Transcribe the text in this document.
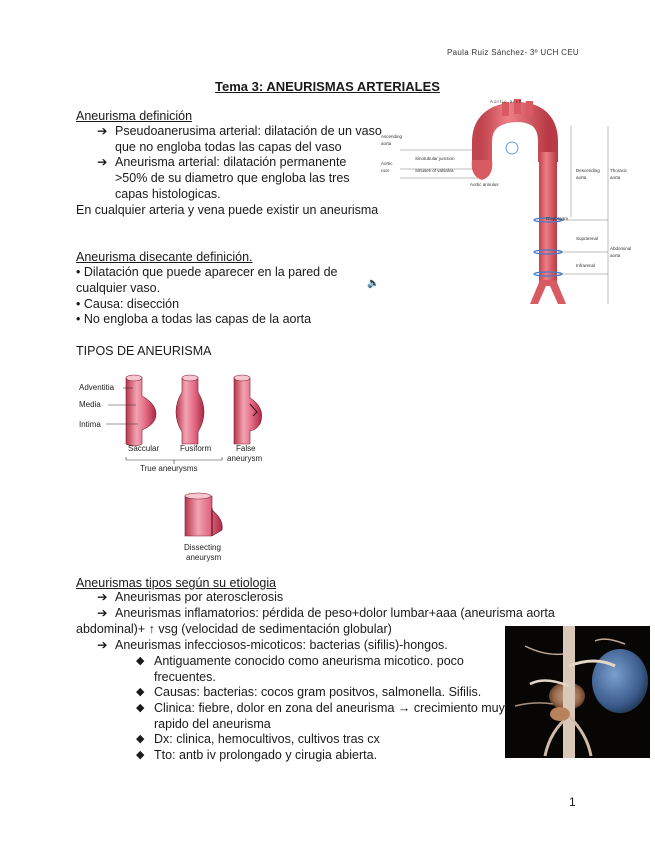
Paula Ruiz Sánchez- 3º UCH CEU
Tema 3: ANEURISMAS ARTERIALES
Aneurisma definición
➔ Pseudoanerusima arterial: dilatación de un vaso
que no engloba todas las capas del vaso
➔ Aneurisma arterial: dilatación permanente
>50% de su diametro que engloba las tres
capas histologicas.
En cualquier arteria y vena puede existir un aneurisma
Aneurisma disecante definición.
• Dilatación que puede aparecer en la pared de
cualquier vaso.
• Causa: disección
• No engloba a todas las capas de la aorta
🔈
TIPOS DE ANEURISMA
Adventitia
Media
Intima
Saccular	Fusiform	False
aneurysm
True aneurysms
Dissecting
aneurysm
Aortic arch
Ascending
aorta
Aortic
root
Sinotubular junction
Sinuses of valsalva
Aortic annulus
Descending
aorta
Thoracic
aorta
Diaphragm
Suprarenal
Abdominal
aorta
Infrarenal
Aneurismas tipos según su etiologia
➔ Aneurismas por aterosclerosis
➔ Aneurismas inflamatorios: pérdida de peso+dolor lumbar+aaa (aneurisma aorta
abdominal)+ ↑ vsg (velocidad de sedimentación globular)
➔ Aneurismas infecciosos-micoticos: bacterias (sifilis)-hongos.
◆ Antiguamente conocido como aneurisma micotico. poco
frecuentes.
◆ Causas: bacterias: cocos gram positvos, salmonella. Sifilis.
◆ Clinica: fiebre, dolor en zona del aneurisma → crecimiento muy
rapido del aneurisma
◆ Dx: clinica, hemocultivos, cultivos tras cx
◆ Tto: antb iv prolongado y cirugia abierta.
1
